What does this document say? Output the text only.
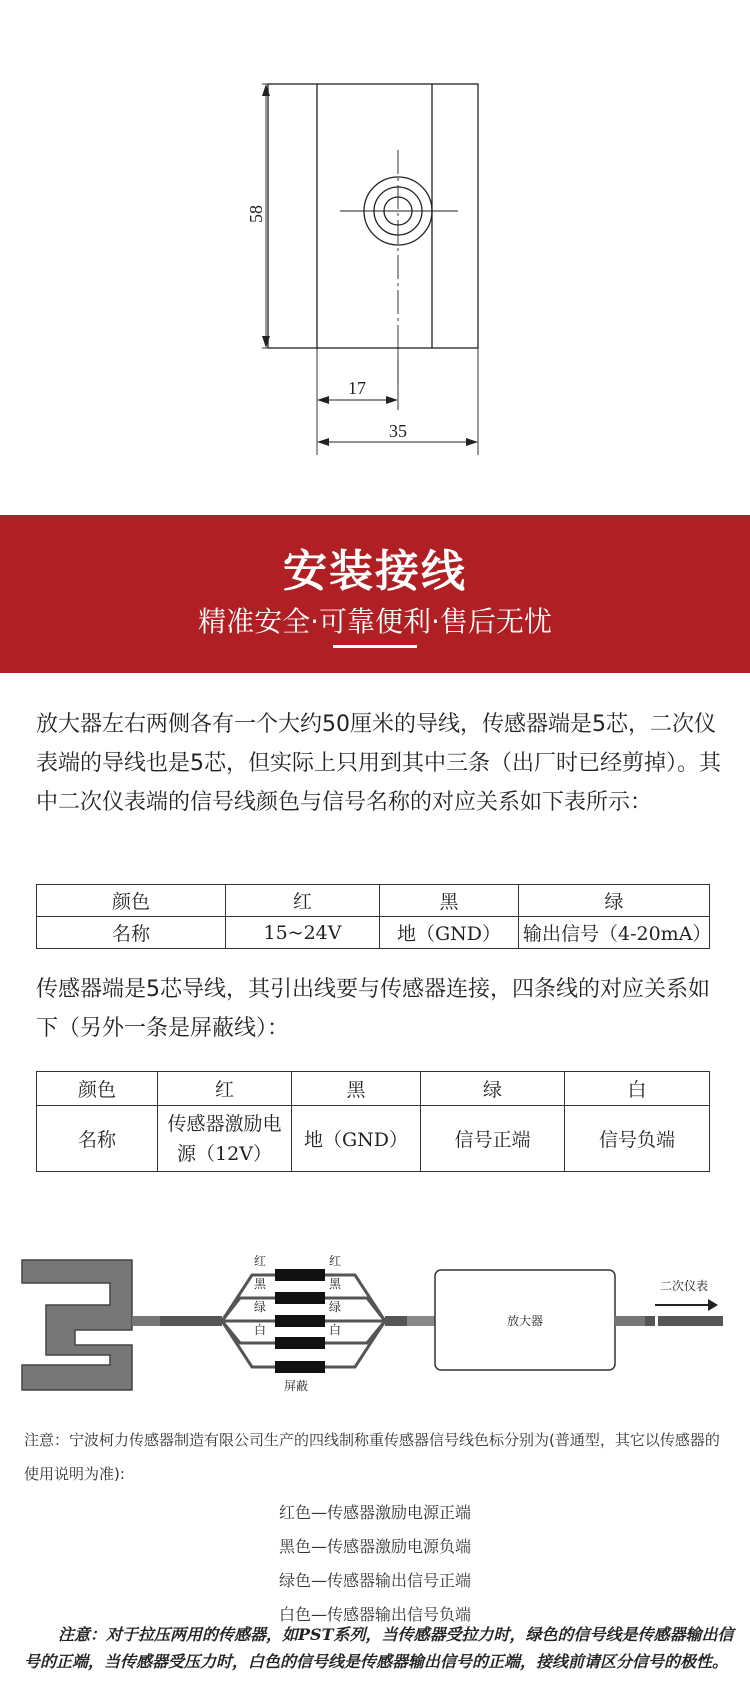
58
17
35
安装接线
精准安全·可靠便利·售后无忧
放大器左右两侧各有一个大约50厘米的导线，传感器端是5芯，二次仪表端的导线也是5芯，但实际上只用到其中三条（出厂时已经剪掉）。其中二次仪表端的信号线颜色与信号名称的对应关系如下表所示：
颜色	红	黑	绿
名称	15~24V	地（GND）	输出信号（4-20mA）
传感器端是5芯导线，其引出线要与传感器连接，四条线的对应关系如下（另外一条是屏蔽线）：
颜色	红	黑	绿	白
名称	传感器激励电源（12V）	地（GND）	信号正端	信号负端
红
黑
绿
白
红
黑
绿
白
屏蔽
放大器
二次仪表
注意：宁波柯力传感器制造有限公司生产的四线制称重传感器信号线色标分别为(普通型，其它以传感器的使用说明为准):
红色—传感器激励电源正端
黑色—传感器激励电源负端
绿色—传感器输出信号正端
白色—传感器输出信号负端
注意：对于拉压两用的传感器，如PST系列，当传感器受拉力时，绿色的信号线是传感器输出信号的正端，当传感器受压力时，白色的信号线是传感器输出信号的正端，接线前请区分信号的极性。
